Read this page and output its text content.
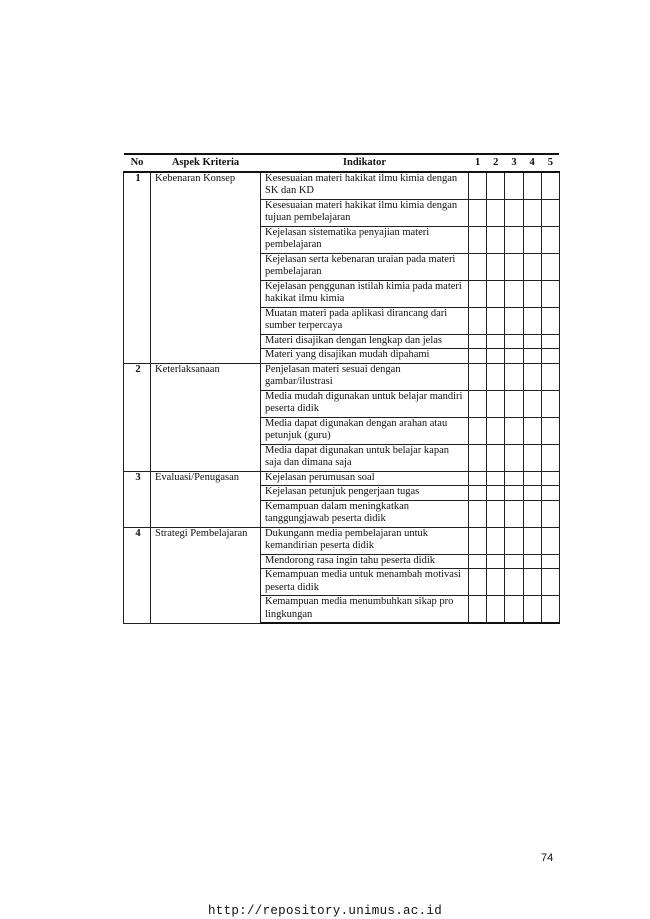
No	Aspek Kriteria	Indikator	1	2	3	4	5
1	Kebenaran Konsep	Kesesuaian materi hakikat ilmu kimia dengan SK dan KD					
		Kesesuaian materi hakikat ilmu kimia dengan tujuan pembelajaran					
		Kejelasan sistematika penyajian materi pembelajaran					
		Kejelasan serta kebenaran uraian pada materi pembelajaran					
		Kejelasan penggunan istilah kimia pada materi hakikat ilmu kimia					
		Muatan materi pada aplikasi dirancang dari sumber terpercaya					
		Materi disajikan dengan lengkap dan jelas					
		Materi yang disajikan mudah dipahami					
2	Keterlaksanaan	Penjelasan materi sesuai dengan gambar/ilustrasi					
		Media mudah digunakan untuk belajar mandiri peserta didik					
		Media dapat digunakan dengan arahan atau petunjuk (guru)					
		Media dapat digunakan untuk belajar kapan saja dan dimana saja					
3	Evaluasi/Penugasan	Kejelasan perumusan soal					
		Kejelasan petunjuk pengerjaan tugas					
		Kemampuan dalam meningkatkan tanggungjawab peserta didik					
4	Strategi Pembelajaran	Dukungann media pembelajaran untuk kemandirian peserta didik					
		Mendorong rasa ingin tahu peserta didik					
		Kemampuan media untuk menambah motivasi peserta didik					
		Kemampuan media menumbuhkan sikap pro lingkungan					
74
http://repository.unimus.ac.id
